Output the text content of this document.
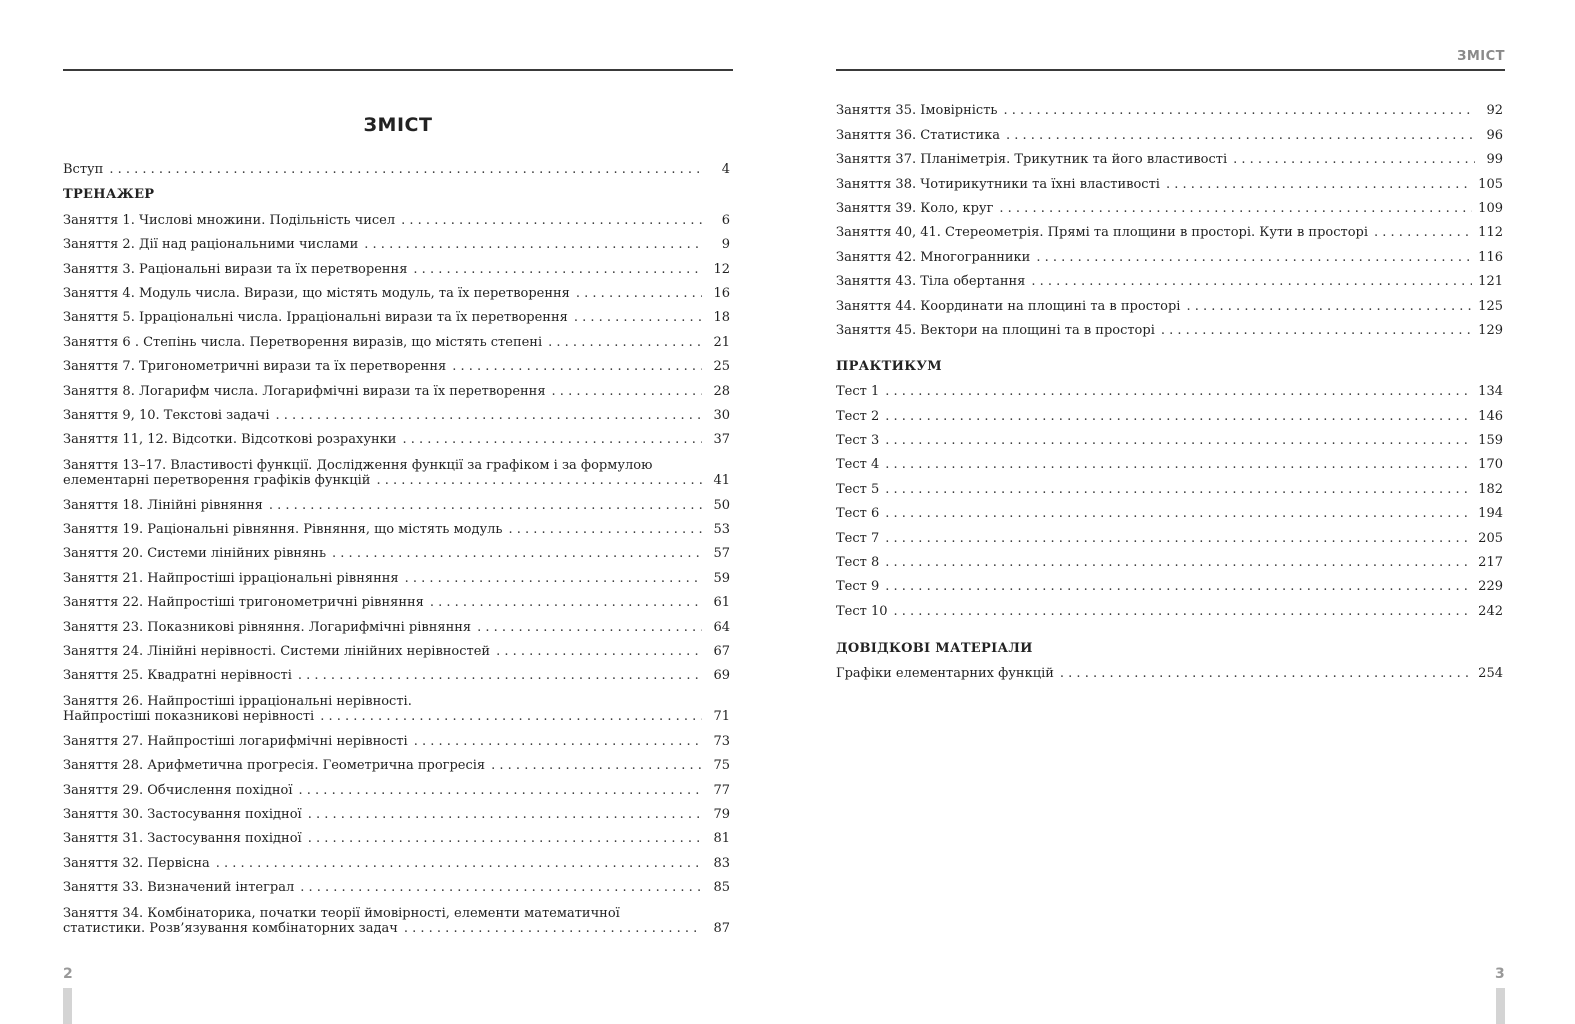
ЗМІСТ
ЗМІСТ
Вступ . . .	4
ТРЕНАЖЕР
Заняття 1. Числові множини. Подільність чисел . . .	6
Заняття 2. Дії над раціональними числами . . .	9
Заняття 3. Раціональні вирази та їх перетворення . . .	12
Заняття 4. Модуль числа. Вирази, що містять модуль, та їх перетворення . . .	16
Заняття 5. Ірраціональні числа. Ірраціональні вирази та їх перетворення . . .	18
Заняття 6 . Степінь числа. Перетворення виразів, що містять степені . . .	21
Заняття 7. Тригонометричні вирази та їх перетворення . . .	25
Заняття 8. Логарифм числа. Логарифмічні вирази та їх перетворення . . .	28
Заняття 9, 10. Текстові задачі . . .	30
Заняття 11, 12. Відсотки. Відсоткові розрахунки . . .	37
Заняття 13–17. Властивості функції. Дослідження функції за графіком і за формулою
елементарні перетворення графіків функцій . . .	41
Заняття 18. Лінійні рівняння . . .	50
Заняття 19. Раціональні рівняння. Рівняння, що містять модуль . . .	53
Заняття 20. Системи лінійних рівнянь . . .	57
Заняття 21. Найпростіші ірраціональні рівняння . . .	59
Заняття 22. Найпростіші тригонометричні рівняння . . .	61
Заняття 23. Показникові рівняння. Логарифмічні рівняння . . .	64
Заняття 24. Лінійні нерівності. Системи лінійних нерівностей . . .	67
Заняття 25. Квадратні нерівності . . .	69
Заняття 26. Найпростіші ірраціональні нерівності.
Найпростіші показникові нерівності . . .	71
Заняття 27. Найпростіші логарифмічні нерівності . . .	73
Заняття 28. Арифметична прогресія. Геометрична прогресія . . .	75
Заняття 29. Обчислення похідної . . .	77
Заняття 30. Застосування похідної . . .	79
Заняття 31. Застосування похідної . . .	81
Заняття 32. Первісна . . .	83
Заняття 33. Визначений інтеграл . . .	85
Заняття 34. Комбінаторика, початки теорії ймовірності, елементи математичної
статистики. Розв’язування комбінаторних задач . . .	87
Заняття 35. Імовірність . . .	92
Заняття 36. Статистика . . .	96
Заняття 37. Планіметрія. Трикутник та його властивості . . .	99
Заняття 38. Чотирикутники та їхні властивості . . .	105
Заняття 39. Коло, круг . . .	109
Заняття 40, 41. Стереометрія. Прямі та площини в просторі. Кути в просторі . . .	112
Заняття 42. Многогранники . . .	116
Заняття 43. Тіла обертання . . .	121
Заняття 44. Координати на площині та в просторі . . .	125
Заняття 45. Вектори на площині та в просторі . . .	129
ПРАКТИКУМ
Тест 1 . . .	134
Тест 2 . . .	146
Тест 3 . . .	159
Тест 4 . . .	170
Тест 5 . . .	182
Тест 6 . . .	194
Тест 7 . . .	205
Тест 8 . . .	217
Тест 9 . . .	229
Тест 10 . . .	242
ДОВІДКОВІ МАТЕРІАЛИ
Графіки елементарних функцій . . .	254
2	3
